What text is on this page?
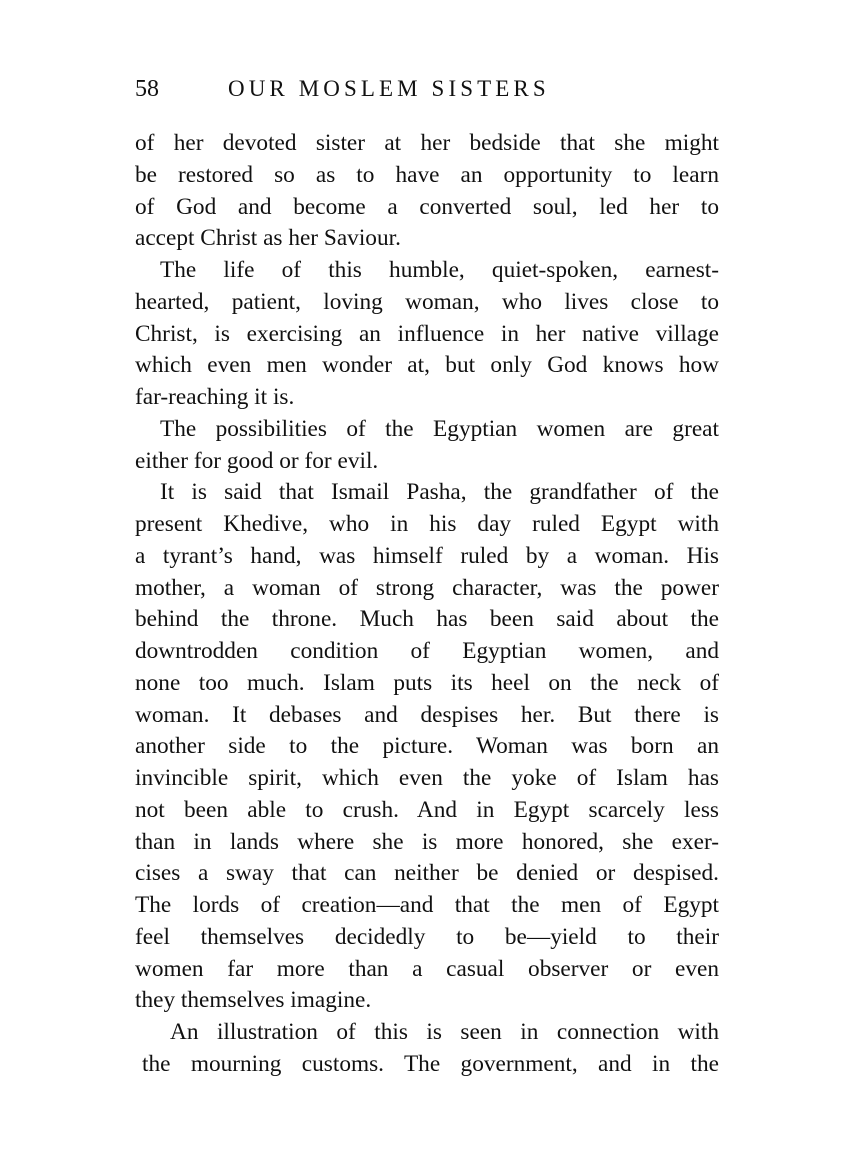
58	OUR MOSLEM SISTERS
of her devoted sister at her bedside that she might
be restored so as to have an opportunity to learn
of God and become a converted soul, led her to
accept Christ as her Saviour.
The life of this humble, quiet-spoken, earnest-
hearted, patient, loving woman, who lives close to
Christ, is exercising an influence in her native village
which even men wonder at, but only God knows how
far-reaching it is.
The possibilities of the Egyptian women are great
either for good or for evil.
It is said that Ismail Pasha, the grandfather of the
present Khedive, who in his day ruled Egypt with
a tyrant’s hand, was himself ruled by a woman. His
mother, a woman of strong character, was the power
behind the throne. Much has been said about the
downtrodden condition of Egyptian women, and
none too much. Islam puts its heel on the neck of
woman. It debases and despises her. But there is
another side to the picture. Woman was born an
invincible spirit, which even the yoke of Islam has
not been able to crush. And in Egypt scarcely less
than in lands where she is more honored, she exer-
cises a sway that can neither be denied or despised.
The lords of creation—and that the men of Egypt
feel themselves decidedly to be—yield to their
women far more than a casual observer or even
they themselves imagine.
An illustration of this is seen in connection with
the mourning customs. The government, and in the
